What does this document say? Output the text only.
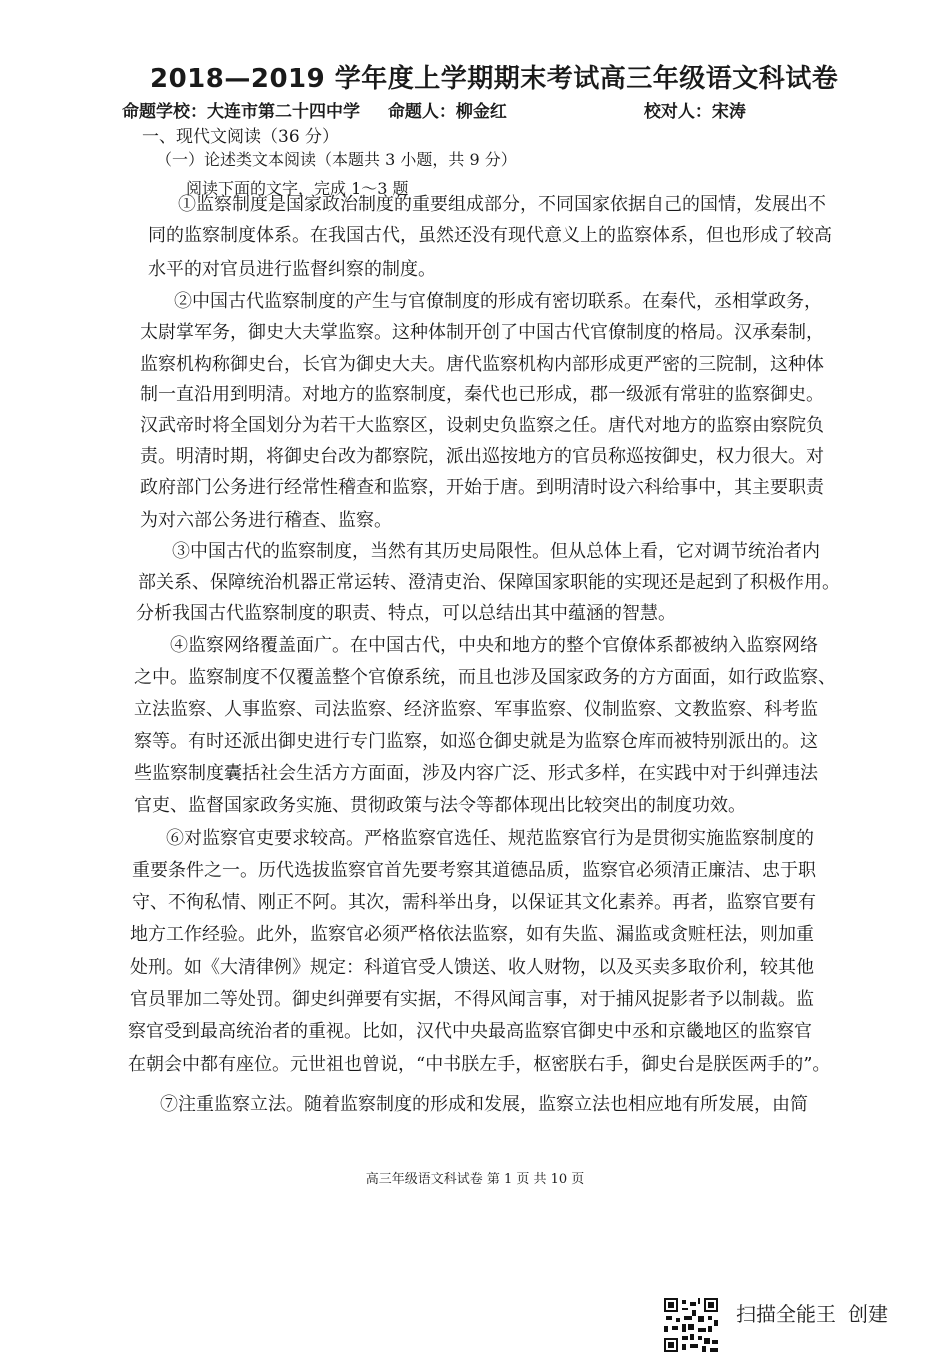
2018—2019 学年度上学期期末考试高三年级语文科试卷
命题学校：大连市第二十四中学 命题人：柳金红	校对人：宋涛
一、现代文阅读（36 分）
（一）论述类文本阅读（本题共 3 小题，共 9 分）
阅读下面的文字，完成 1～3 题
①监察制度是国家政治制度的重要组成部分，不同国家依据自己的国情，发展出不
同的监察制度体系。在我国古代，虽然还没有现代意义上的监察体系，但也形成了较高
水平的对官员进行监督纠察的制度。
②中国古代监察制度的产生与官僚制度的形成有密切联系。在秦代，丞相掌政务，
太尉掌军务，御史大夫掌监察。这种体制开创了中国古代官僚制度的格局。汉承秦制，
监察机构称御史台，长官为御史大夫。唐代监察机构内部形成更严密的三院制，这种体
制一直沿用到明清。对地方的监察制度，秦代也已形成，郡一级派有常驻的监察御史。
汉武帝时将全国划分为若干大监察区，设刺史负监察之任。唐代对地方的监察由察院负
责。明清时期，将御史台改为都察院，派出巡按地方的官员称巡按御史，权力很大。对
政府部门公务进行经常性稽查和监察，开始于唐。到明清时设六科给事中，其主要职责
为对六部公务进行稽查、监察。
③中国古代的监察制度，当然有其历史局限性。但从总体上看，它对调节统治者内
部关系、保障统治机器正常运转、澄清吏治、保障国家职能的实现还是起到了积极作用。
分析我国古代监察制度的职责、特点，可以总结出其中蕴涵的智慧。
④监察网络覆盖面广。在中国古代，中央和地方的整个官僚体系都被纳入监察网络
之中。监察制度不仅覆盖整个官僚系统，而且也涉及国家政务的方方面面，如行政监察、
立法监察、人事监察、司法监察、经济监察、军事监察、仪制监察、文教监察、科考监
察等。有时还派出御史进行专门监察，如巡仓御史就是为监察仓库而被特别派出的。这
些监察制度囊括社会生活方方面面，涉及内容广泛、形式多样，在实践中对于纠弹违法
官吏、监督国家政务实施、贯彻政策与法令等都体现出比较突出的制度功效。
⑥对监察官吏要求较高。严格监察官选任、规范监察官行为是贯彻实施监察制度的
重要条件之一。历代选拔监察官首先要考察其道德品质，监察官必须清正廉洁、忠于职
守、不徇私情、刚正不阿。其次，需科举出身，以保证其文化素养。再者，监察官要有
地方工作经验。此外，监察官必须严格依法监察，如有失监、漏监或贪赃枉法，则加重
处刑。如《大清律例》规定：科道官受人馈送、收人财物，以及买卖多取价利，较其他
官员罪加二等处罚。御史纠弹要有实据，不得风闻言事，对于捕风捉影者予以制裁。监
察官受到最高统治者的重视。比如，汉代中央最高监察官御史中丞和京畿地区的监察官
在朝会中都有座位。元世祖也曾说，“中书朕左手，枢密朕右手，御史台是朕医两手的”。
⑦注重监察立法。随着监察制度的形成和发展，监察立法也相应地有所发展，由简
高三年级语文科试卷 第 1 页 共 10 页
扫描全能王 创建
